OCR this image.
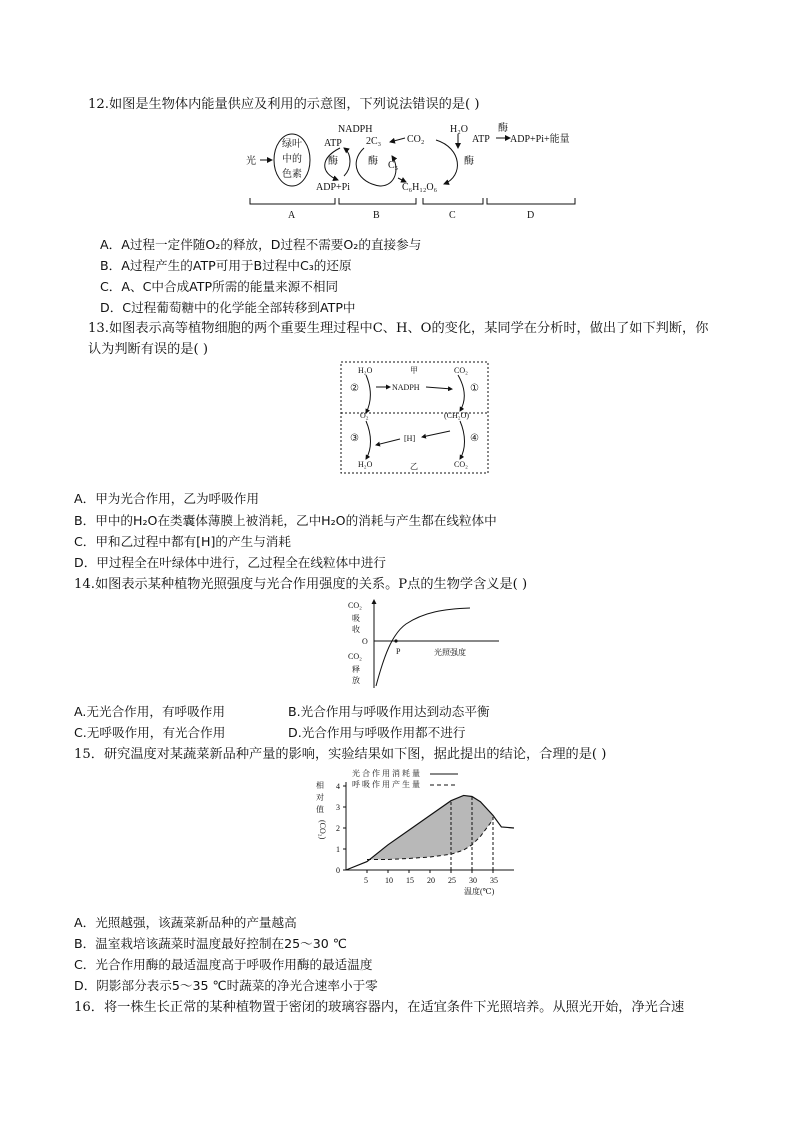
12.如图是生物体内能量供应及利用的示意图，下列说法错误的是( )
光
绿叶
中的
色素
NADPH
ATP
酶
ADP+Pi
2C₃
酶 C₅
CO₂
C₆H₁₂O₆
H₂O
酶
ATP
酶
ADP+Pi+能量
A	B	C	D
A．A过程一定伴随O₂的释放，D过程不需要O₂的直接参与
B．A过程产生的ATP可用于B过程中C₃的还原
C．A、C中合成ATP所需的能量来源不相同
D．C过程葡萄糖中的化学能全部转移到ATP中
13.如图表示高等植物细胞的两个重要生理过程中C、H、O的变化，某同学在分析时，做出了如下判断，你
认为判断有误的是( )
甲
H₂O	CO₂
②	NADPH	①
O₂	(CH₂O)
③	[H]	④
H₂O	乙	CO₂
A．甲为光合作用，乙为呼吸作用
B．甲中的H₂O在类囊体薄膜上被消耗，乙中H₂O的消耗与产生都在线粒体中
C．甲和乙过程中都有[H]的产生与消耗
D．甲过程全在叶绿体中进行，乙过程全在线粒体中进行
14.如图表示某种植物光照强度与光合作用强度的关系。P点的生物学含义是( )
CO₂
吸
收
O
CO₂
释
放
P	光照强度
A.无光合作用，有呼吸作用	B.光合作用与呼吸作用达到动态平衡
C.无呼吸作用，有光合作用	D.光合作用与呼吸作用都不进行
15．研究温度对某蔬菜新品种产量的影响，实验结果如下图，据此提出的结论，合理的是( )
相
对
值
(CO₂)
光合作用消耗量
呼吸作用产生量
温度(℃)
5 10 15 20 25 30 35
0
1
2
3
4
A．光照越强，该蔬菜新品种的产量越高
B．温室栽培该蔬菜时温度最好控制在25～30 ℃
C．光合作用酶的最适温度高于呼吸作用酶的最适温度
D．阴影部分表示5～35 ℃时蔬菜的净光合速率小于零
16．将一株生长正常的某种植物置于密闭的玻璃容器内，在适宜条件下光照培养。从照光开始，净光合速
